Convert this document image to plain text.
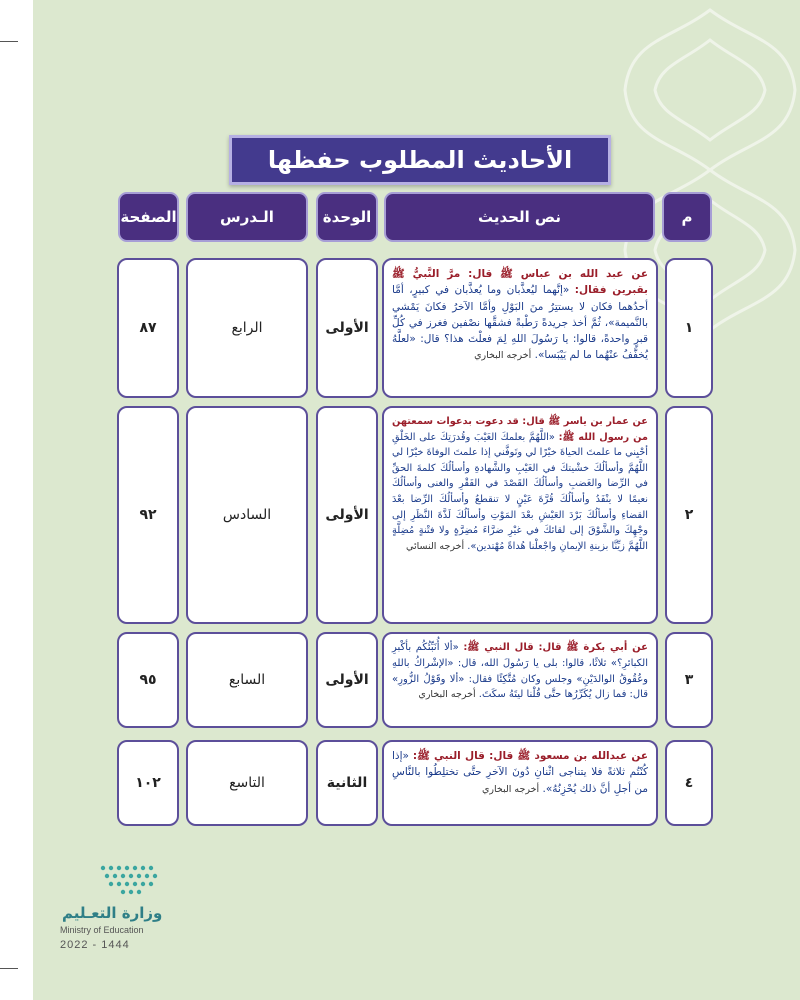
الأحاديث المطلوب حفظها
م
نص الحديث
الوحدة
الـدرس
الصفحة
١
عن عبد الله بن عباس ﷺ قال: مرَّ النَّبيُّ ﷺ بقبرين فقال: «إنَّهما ليُعذَّبان وما يُعذَّبان في كبيرٍ، أمَّا أحدُهما فكان لا يستتِرُ منَ البَوْلِ وأمَّا الآخرُ فكانَ يَمْشي بالنَّميمة»، ثُمَّ أخذ جريدةً رَطْبةً فشقَّها نصْفين فغرز في كُلِّ قبرٍ واحدةً، قالوا: يا رَسُولَ اللهِ لِمَ فعلْتَ هذا؟ قال: «لعلَّهُ يُخفَّفُ عنْهُما ما لم يَيْبَسا». أخرجه البخاري
الأولى
الرابع
٨٧
٢
عن عمار بن ياسر ﷺ قال: قد دعوت بدعوات سمعتهن من رسول الله ﷺ: «اللَّهُمَّ بعلمكَ الغَيْبَ وقُدرَتِكَ على الخَلْقِ أحْيِني ما علمتَ الحياةَ خيْرًا لي وتَوفَّني إذا علمتَ الوفاةَ خيْرًا لي اللَّهُمَّ وأسألُكَ خشْيتكَ في الغَيْبِ والشَّهادةِ وأسألُكَ كلمةَ الحقِّ في الرِّضا والغَضبِ وأسألُكَ القَصْدَ في الفَقْرِ والغنى وأسألُكَ نعيمًا لا ينْفَدُ وأسألُكَ قُرَّةَ عَيْنٍ لا تنقطعُ وأسألُكَ الرِّضا بعْدَ القضاءِ وأسألُكَ بَرْدَ العَيْشِ بعْدَ المَوْتِ وأسألُكَ لَذَّةَ النَّظَرِ إلى وجْهِكَ والشَّوْقَ إلى لقائكَ في غيْرِ ضرَّاءَ مُضِرَّةٍ ولا فتْنةٍ مُضِلَّةٍ اللَّهُمَّ زيِّنَّا بزينةِ الإيمانِ واجْعلْنا هُداةً مُهْتدين». أخرجه النسائي
الأولى
السادس
٩٢
٣
عن أبي بكرة ﷺ قال: قال النبي ﷺ: «ألا أُنَبِّئُكُم بأكْبرِ الكبائرِ؟» ثلاثًا، قالوا: بلى يا رَسُولَ الله، قال: «الإشْراكُ باللهِ وعُقُوقُ الوالدَيْنِ» وجلس وكان مُتَّكِئًا فقال: «ألا وقَوْلُ الزُّورِ» قال: فما زال يُكَرِّرُها حتَّى قُلْنا ليتَهُ سكَتَ. أخرجه البخاري
الأولى
السابع
٩٥
٤
عن عبدالله بن مسعود ﷺ قال: قال النبي ﷺ: «إذا كُنْتُم ثلاثةً فلا يتناجى اثْنانِ دُونَ الآخرِ حتَّى تختلِطُوا بالنَّاسِ من أجلِ أنَّ ذلك يُحْزِنُهُ». أخرجه البخاري
الثانية
التاسع
١٠٢
وزارة التعـليم
Ministry of Education
2022 - 1444
